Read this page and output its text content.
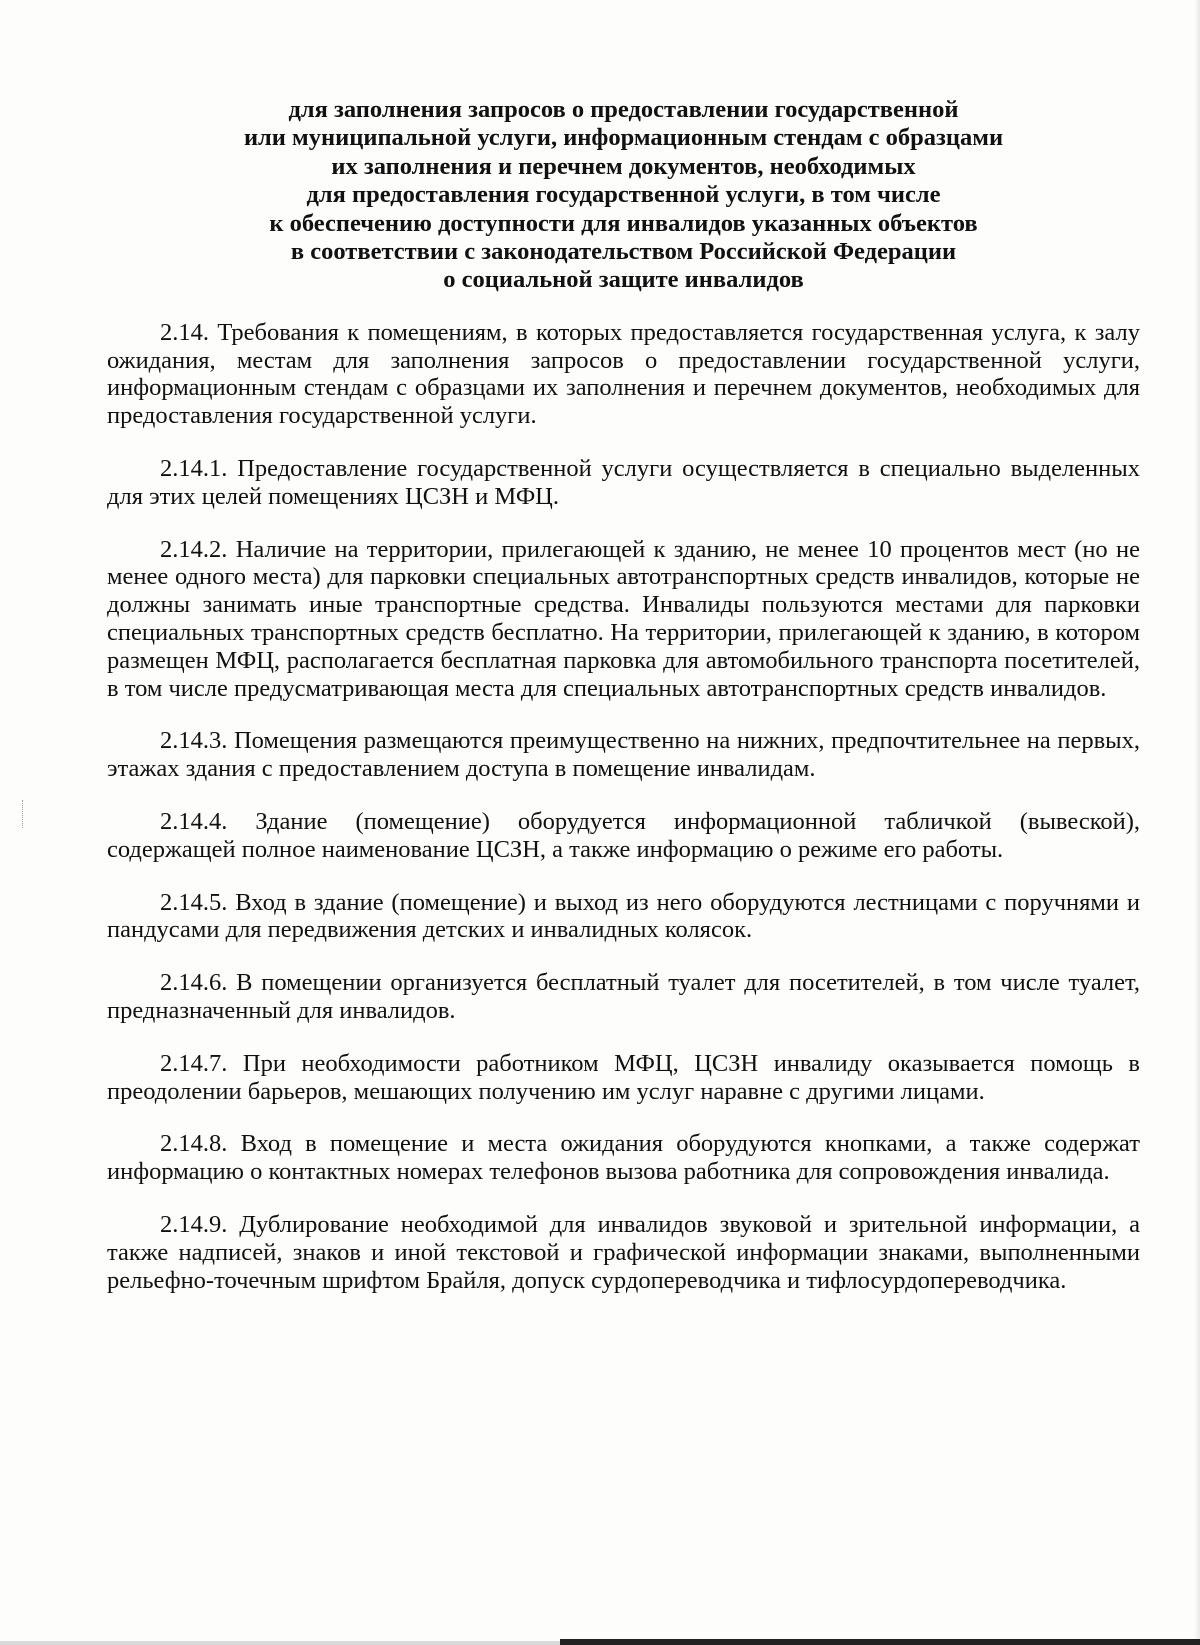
для заполнения запросов о предоставлении государственной
или муниципальной услуги, информационным стендам с образцами
их заполнения и перечнем документов, необходимых
для предоставления государственной услуги, в том числе
к обеспечению доступности для инвалидов указанных объектов
в соответствии с законодательством Российской Федерации
о социальной защите инвалидов

2.14. Требования к помещениям, в которых предоставляется государственная услуга, к залу ожидания, местам для заполнения запросов о предоставлении государственной услуги, информационным стендам с образцами их заполнения и перечнем документов, необходимых для предоставления государственной услуги.

2.14.1. Предоставление государственной услуги осуществляется в специально выделенных для этих целей помещениях ЦСЗН и МФЦ.

2.14.2. Наличие на территории, прилегающей к зданию, не менее 10 процентов мест (но не менее одного места) для парковки специальных автотранспортных средств инвалидов, которые не должны занимать иные транспортные средства. Инвалиды пользуются местами для парковки специальных транспортных средств бесплатно. На территории, прилегающей к зданию, в котором размещен МФЦ, располагается бесплатная парковка для автомобильного транспорта посетителей, в том числе предусматривающая места для специальных автотранспортных средств инвалидов.

2.14.3. Помещения размещаются преимущественно на нижних, предпочтительнее на первых, этажах здания с предоставлением доступа в помещение инвалидам.

2.14.4. Здание (помещение) оборудуется информационной табличкой (вывеской), содержащей полное наименование ЦСЗН, а также информацию о режиме его работы.

2.14.5. Вход в здание (помещение) и выход из него оборудуются лестницами с поручнями и пандусами для передвижения детских и инвалидных колясок.

2.14.6. В помещении организуется бесплатный туалет для посетителей, в том числе туалет, предназначенный для инвалидов.

2.14.7. При необходимости работником МФЦ, ЦСЗН инвалиду оказывается помощь в преодолении барьеров, мешающих получению им услуг наравне с другими лицами.

2.14.8. Вход в помещение и места ожидания оборудуются кнопками, а также содержат информацию о контактных номерах телефонов вызова работника для сопровождения инвалида.

2.14.9. Дублирование необходимой для инвалидов звуковой и зрительной информации, а также надписей, знаков и иной текстовой и графической информации знаками, выполненными рельефно-точечным шрифтом Брайля, допуск сурдопереводчика и тифлосурдопереводчика.
